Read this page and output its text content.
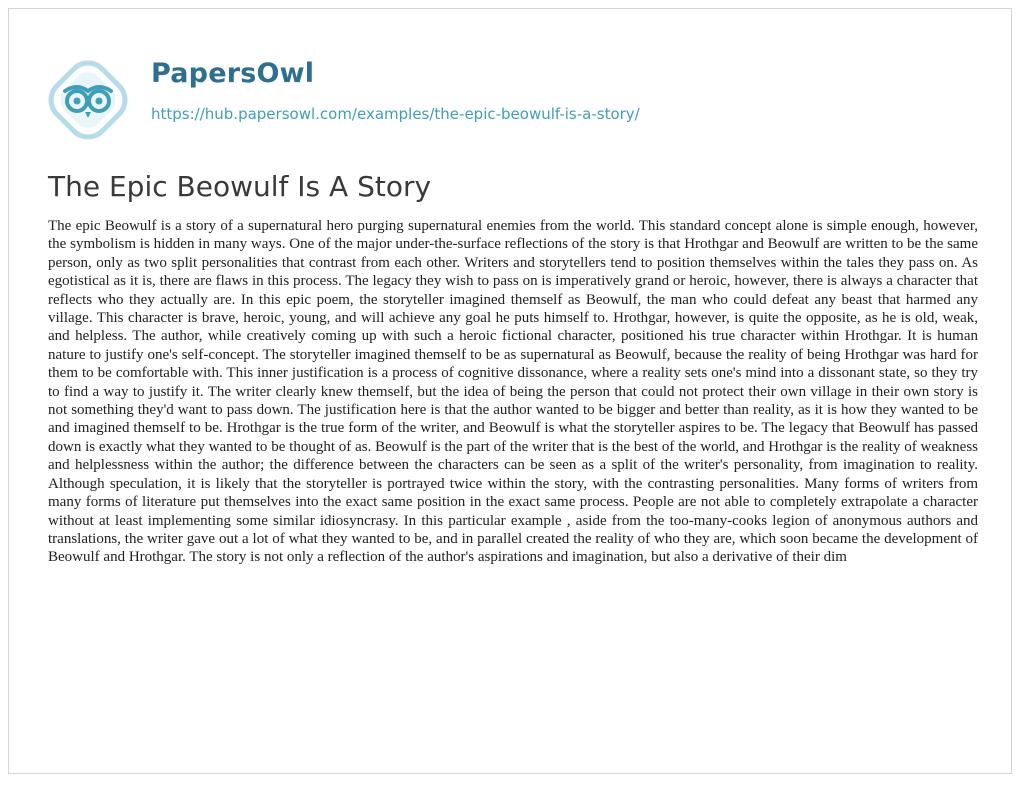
PapersOwl
https://hub.papersowl.com/examples/the-epic-beowulf-is-a-story/
The Epic Beowulf Is A Story

The epic Beowulf is a story of a supernatural hero purging supernatural enemies from the world. This standard concept alone is simple enough, however, the symbolism is hidden in many ways. One of the major under-the-surface reflections of the story is that Hrothgar and Beowulf are written to be the same person, only as two split personalities that contrast from each other. Writers and storytellers tend to position themselves within the tales they pass on. As egotistical as it is, there are flaws in this process. The legacy they wish to pass on is imperatively grand or heroic, however, there is always a character that reflects who they actually are. In this epic poem, the storyteller imagined themself as Beowulf, the man who could defeat any beast that harmed any village. This character is brave, heroic, young, and will achieve any goal he puts himself to. Hrothgar, however, is quite the opposite, as he is old, weak, and helpless. The author, while creatively coming up with such a heroic fictional character, positioned his true character within Hrothgar. It is human nature to justify one's self-concept. The storyteller imagined themself to be as supernatural as Beowulf, because the reality of being Hrothgar was hard for them to be comfortable with. This inner justification is a process of cognitive dissonance, where a reality sets one's mind into a dissonant state, so they try to find a way to justify it. The writer clearly knew themself, but the idea of being the person that could not protect their own village in their own story is not something they'd want to pass down. The justification here is that the author wanted to be bigger and better than reality, as it is how they wanted to be and imagined themself to be. Hrothgar is the true form of the writer, and Beowulf is what the storyteller aspires to be. The legacy that Beowulf has passed down is exactly what they wanted to be thought of as. Beowulf is the part of the writer that is the best of the world, and Hrothgar is the reality of weakness and helplessness within the author; the difference between the characters can be seen as a split of the writer's personality, from imagination to reality. Although speculation, it is likely that the storyteller is portrayed twice within the story, with the contrasting personalities. Many forms of writers from many forms of literature put themselves into the exact same position in the exact same process. People are not able to completely extrapolate a character without at least implementing some similar idiosyncrasy. In this particular example , aside from the too-many-cooks legion of anonymous authors and translations, the writer gave out a lot of what they wanted to be, and in parallel created the reality of who they are, which soon became the development of Beowulf and Hrothgar. The story is not only a reflection of the author's aspirations and imagination, but also a derivative of their dim
